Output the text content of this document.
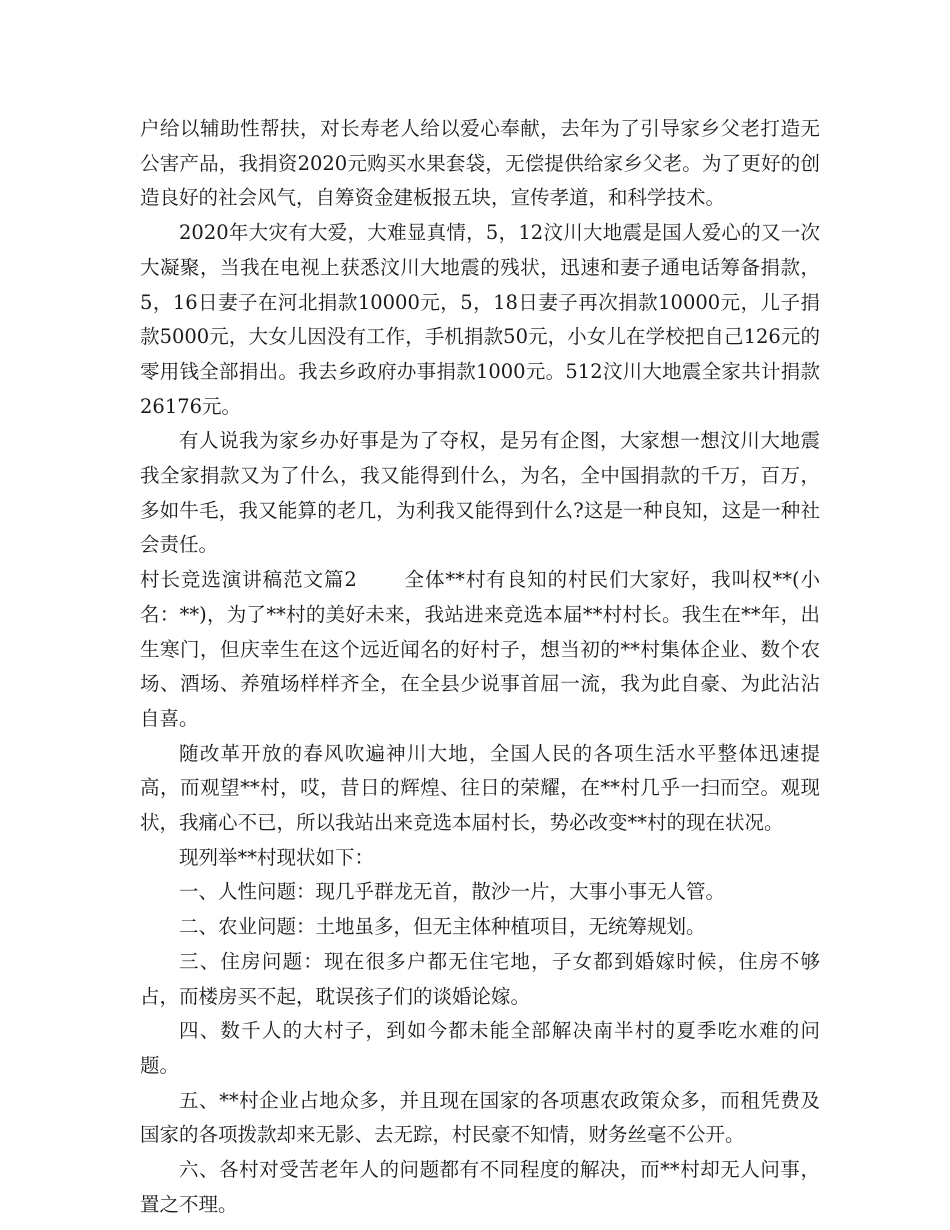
户给以辅助性帮扶，对长寿老人给以爱心奉献，去年为了引导家乡父老打造无公害产品，我捐资2020元购买水果套袋，无偿提供给家乡父老。为了更好的创造良好的社会风气，自筹资金建板报五块，宣传孝道，和科学技术。

2020年大灾有大爱，大难显真情，5，12汶川大地震是国人爱心的又一次大凝聚，当我在电视上获悉汶川大地震的残状，迅速和妻子通电话筹备捐款，5，16日妻子在河北捐款10000元，5，18日妻子再次捐款10000元，儿子捐款5000元，大女儿因没有工作，手机捐款50元，小女儿在学校把自己126元的零用钱全部捐出。我去乡政府办事捐款1000元。512汶川大地震全家共计捐款26176元。

有人说我为家乡办好事是为了夺权，是另有企图，大家想一想汶川大地震我全家捐款又为了什么，我又能得到什么，为名，全中国捐款的千万，百万，多如牛毛，我又能算的老几，为利我又能得到什么?这是一种良知，这是一种社会责任。

村长竞选演讲稿范文篇2 全体**村有良知的村民们大家好，我叫权**(小名：**)，为了**村的美好未来，我站进来竞选本届**村村长。我生在**年，出生寒门，但庆幸生在这个远近闻名的好村子，想当初的**村集体企业、数个农场、酒场、养殖场样样齐全，在全县少说事首屈一流，我为此自豪、为此沾沾自喜。

随改革开放的春风吹遍神川大地，全国人民的各项生活水平整体迅速提高，而观望**村，哎，昔日的辉煌、往日的荣耀，在**村几乎一扫而空。观现状，我痛心不已，所以我站出来竞选本届村长，势必改变**村的现在状况。

现列举**村现状如下：

一、人性问题：现几乎群龙无首，散沙一片，大事小事无人管。

二、农业问题：土地虽多，但无主体种植项目，无统筹规划。

三、住房问题：现在很多户都无住宅地，子女都到婚嫁时候，住房不够占，而楼房买不起，耽误孩子们的谈婚论嫁。

四、数千人的大村子，到如今都未能全部解决南半村的夏季吃水难的问题。

五、**村企业占地众多，并且现在国家的各项惠农政策众多，而租凭费及国家的各项拨款却来无影、去无踪，村民豪不知情，财务丝毫不公开。

六、各村对受苦老年人的问题都有不同程度的解决，而**村却无人问事，置之不理。
